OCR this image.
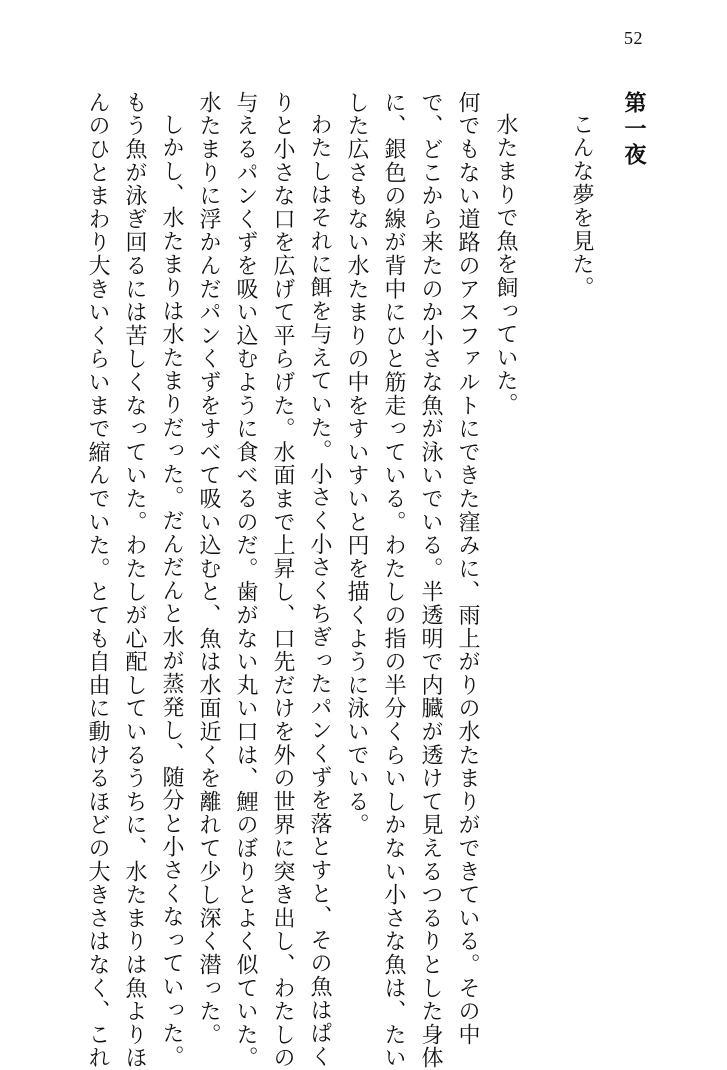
52
第一夜
こんな夢を見た。
水たまりで魚を飼っていた。
何でもない道路のアスファルトにできた窪みに、雨上がりの水たまりができている。その中
で、どこから来たのか小さな魚が泳いでいる。半透明で内臓が透けて見えるつるりとした身体
に、銀色の線が背中にひと筋走っている。わたしの指の半分くらいしかない小さな魚は、たい
した広さもない水たまりの中をすいすいと円を描くように泳いでいる。
わたしはそれに餌を与えていた。小さく小さくちぎったパンくずを落とすと、その魚はぱく
りと小さな口を広げて平らげた。水面まで上昇し、口先だけを外の世界に突き出し、わたしの
与えるパンくずを吸い込むように食べるのだ。歯がない丸い口は、鯉のぼりとよく似ていた。
水たまりに浮かんだパンくずをすべて吸い込むと、魚は水面近くを離れて少し深く潜った。
しかし、水たまりは水たまりだった。だんだんと水が蒸発し、随分と小さくなっていった。
もう魚が泳ぎ回るには苦しくなっていた。わたしが心配しているうちに、水たまりは魚よりほ
んのひとまわり大きいくらいまで縮んでいた。とても自由に動けるほどの大きさはなく、これ
